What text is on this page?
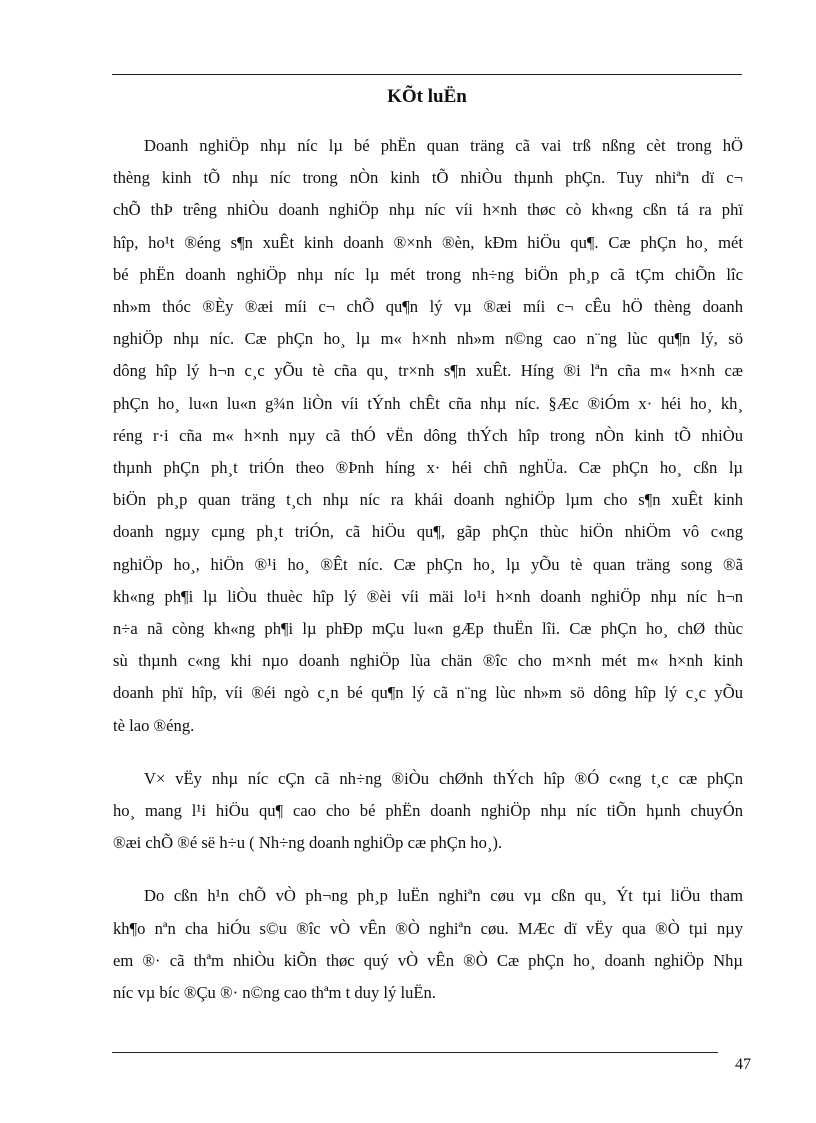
KÕt luËn

Doanh nghiÖp nhµ níc lµ bé phËn quan träng cã vai trß nßng cèt trong hÖ
thèng kinh tÕ nhµ níc trong nÒn kinh tÕ nhiÒu thµnh phÇn. Tuy nhiªn dï c¬
chÕ thÞ trêng nhiÒu doanh nghiÖp nhµ níc víi h×nh thøc cò kh«ng cßn tá ra phï
hîp, ho¹t ®éng s¶n xuÊt kinh doanh ®×nh ®èn, kÐm hiÖu qu¶. Cæ phÇn ho¸ mét
bé phËn doanh nghiÖp nhµ níc lµ mét trong nh÷ng biÖn ph¸p cã tÇm chiÕn lîc
nh»m thóc ®Èy ®æi míi c¬ chÕ qu¶n lý vµ ®æi míi c¬ cÊu hÖ thèng doanh
nghiÖp nhµ níc. Cæ phÇn ho¸ lµ m« h×nh nh»m n©ng cao n¨ng lùc qu¶n lý, sö
dông hîp lý h¬n c¸c yÕu tè cña qu¸ tr×nh s¶n xuÊt. Híng ®i lªn cña m« h×nh cæ
phÇn ho¸ lu«n lu«n g¾n liÒn víi tÝnh chÊt cña nhµ níc. §Æc ®iÓm x· héi ho¸ kh¸
réng r·i cña m« h×nh nµy cã thÓ vËn dông thÝch hîp trong nÒn kinh tÕ nhiÒu
thµnh phÇn ph¸t triÓn theo ®Þnh híng x· héi chñ nghÜa. Cæ phÇn ho¸ cßn lµ
biÖn ph¸p quan träng t¸ch nhµ níc ra khái doanh nghiÖp lµm cho s¶n xuÊt kinh
doanh ngµy cµng ph¸t triÓn, cã hiÖu qu¶, gãp phÇn thùc hiÖn nhiÖm vô c«ng
nghiÖp ho¸, hiÖn ®¹i ho¸ ®Êt níc. Cæ phÇn ho¸ lµ yÕu tè quan träng song ®ã
kh«ng ph¶i lµ liÒu thuèc hîp lý ®èi víi mäi lo¹i h×nh doanh nghiÖp nhµ níc h¬n
n÷a nã còng kh«ng ph¶i lµ phÐp mÇu lu«n gÆp thuËn lîi. Cæ phÇn ho¸ chØ thùc
sù thµnh c«ng khi nµo doanh nghiÖp lùa chän ®îc cho m×nh mét m« h×nh kinh
doanh phï hîp, víi ®éi ngò c¸n bé qu¶n lý cã n¨ng lùc nh»m sö dông hîp lý c¸c yÕu
tè lao ®éng.

V× vËy nhµ níc cÇn cã nh÷ng ®iÒu chØnh thÝch hîp ®Ó c«ng t¸c cæ phÇn
ho¸ mang l¹i hiÖu qu¶ cao cho bé phËn doanh nghiÖp nhµ níc tiÕn hµnh chuyÓn
®æi chÕ ®é së h÷u ( Nh÷ng doanh nghiÖp cæ phÇn ho¸).

Do cßn h¹n chÕ vÒ ph¬ng ph¸p luËn nghiªn cøu vµ cßn qu¸ Ýt tµi liÖu tham
kh¶o nªn cha hiÓu s©u ®îc vÒ vÊn ®Ò nghiªn cøu. MÆc dï vËy qua ®Ò tµi nµy
em ®· cã thªm nhiÒu kiÕn thøc quý vÒ vÊn ®Ò Cæ phÇn ho¸ doanh nghiÖp Nhµ
níc vµ bíc ®Çu ®· n©ng cao thªm t duy lý luËn.

47
